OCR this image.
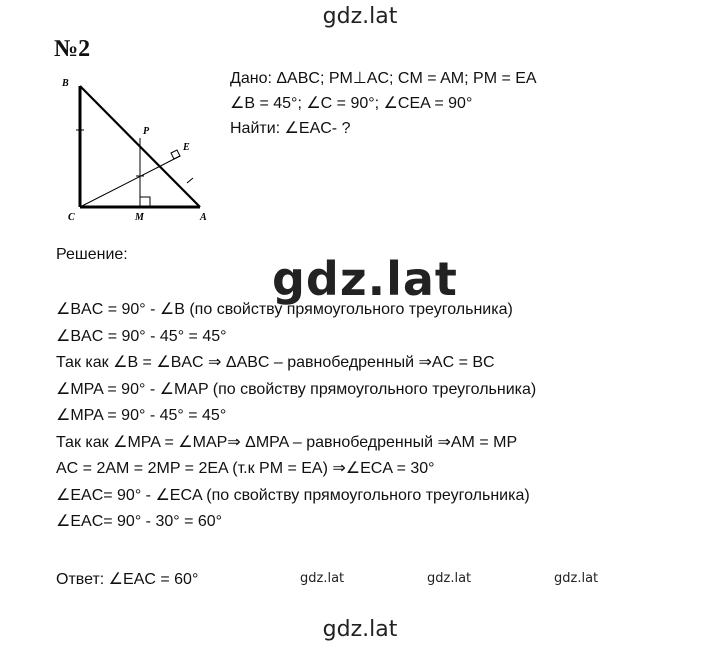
gdz.lat
№2
B
P
E
C	M	A
Дано: ΔABC; PM⊥AC; CM = AM; PM = EA
∠B = 45°; ∠C = 90°; ∠CEA = 90°
Найти: ∠EAC- ?
Решение:	gdz.lat
∠BAC = 90° - ∠B (по свойству прямоугольного треугольника)
∠BAC = 90° - 45° = 45°
Так как ∠B = ∠BAC ⇒ ΔABC – равнобедренный ⇒AC = BC
∠MPA = 90° - ∠MAP (по свойству прямоугольного треугольника)
∠MPA = 90° - 45° = 45°
Так как ∠MPA = ∠MAP⇒ ΔMPA – равнобедренный ⇒AM = MP
AC = 2AM = 2MP = 2EA (т.к PM = EA) ⇒∠ECA = 30°
∠EAC= 90° - ∠ECA (по свойству прямоугольного треугольника)
∠EAC= 90° - 30° = 60°
Ответ: ∠EAC = 60°	gdz.lat	gdz.lat	gdz.lat
gdz.lat
